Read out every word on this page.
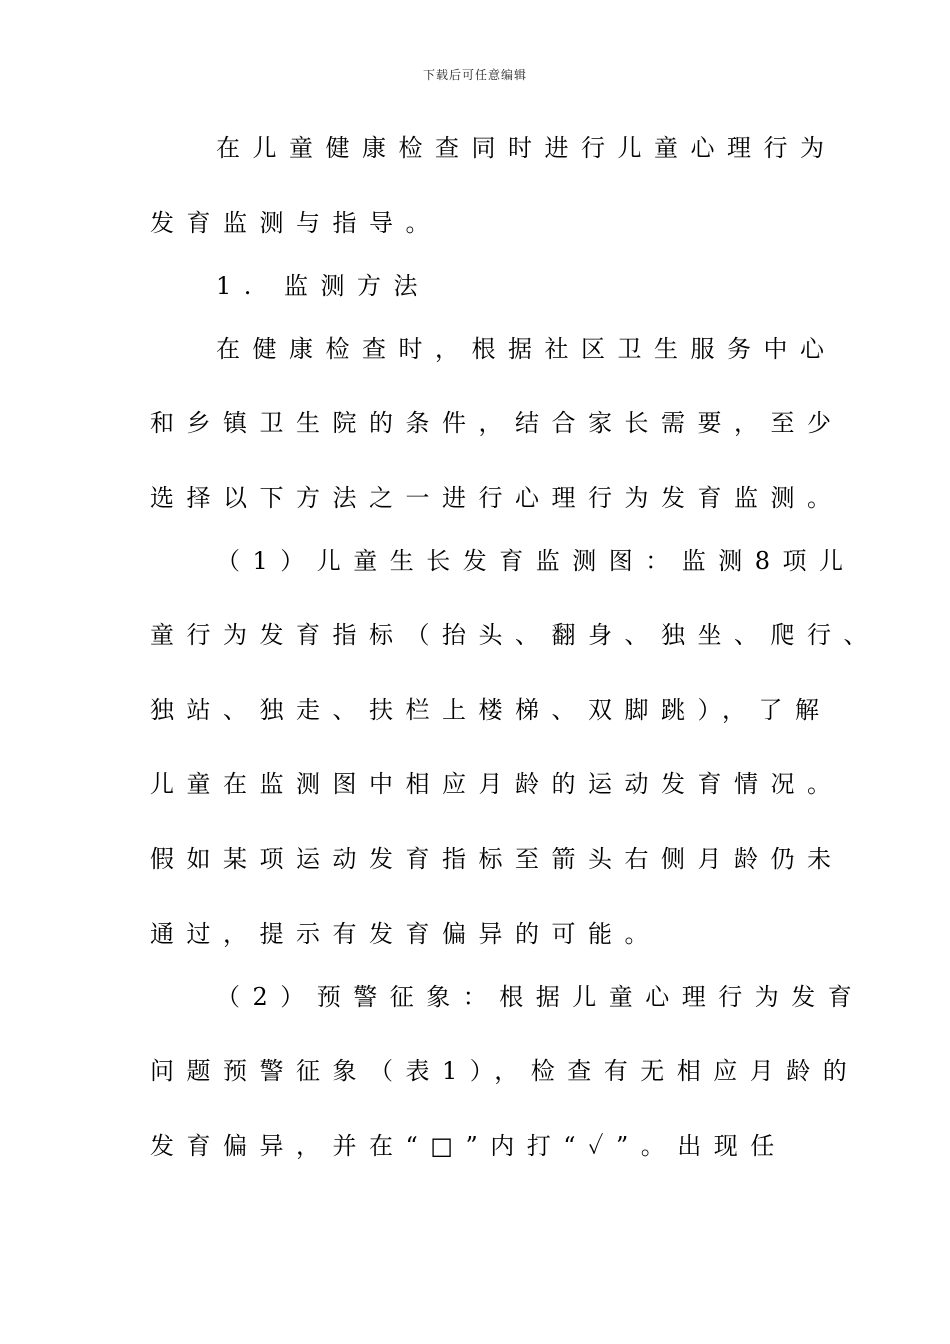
下载后可任意编辑
在儿童健康检查同时进行儿童心理行为
发育监测与指导。
1. 监测方法
在健康检查时，根据社区卫生服务中心
和乡镇卫生院的条件，结合家长需要，至少
选择以下方法之一进行心理行为发育监测。
（1）儿童生长发育监测图：监测8项儿
童行为发育指标（抬头、翻身、独坐、爬行、
独站、独走、扶栏上楼梯、双脚跳），了解
儿童在监测图中相应月龄的运动发育情况。
假如某项运动发育指标至箭头右侧月龄仍未
通过，提示有发育偏异的可能。
（2）预警征象：根据儿童心理行为发育
问题预警征象（表1），检查有无相应月龄的
发育偏异，并在“□”内打“✓”。出现任
